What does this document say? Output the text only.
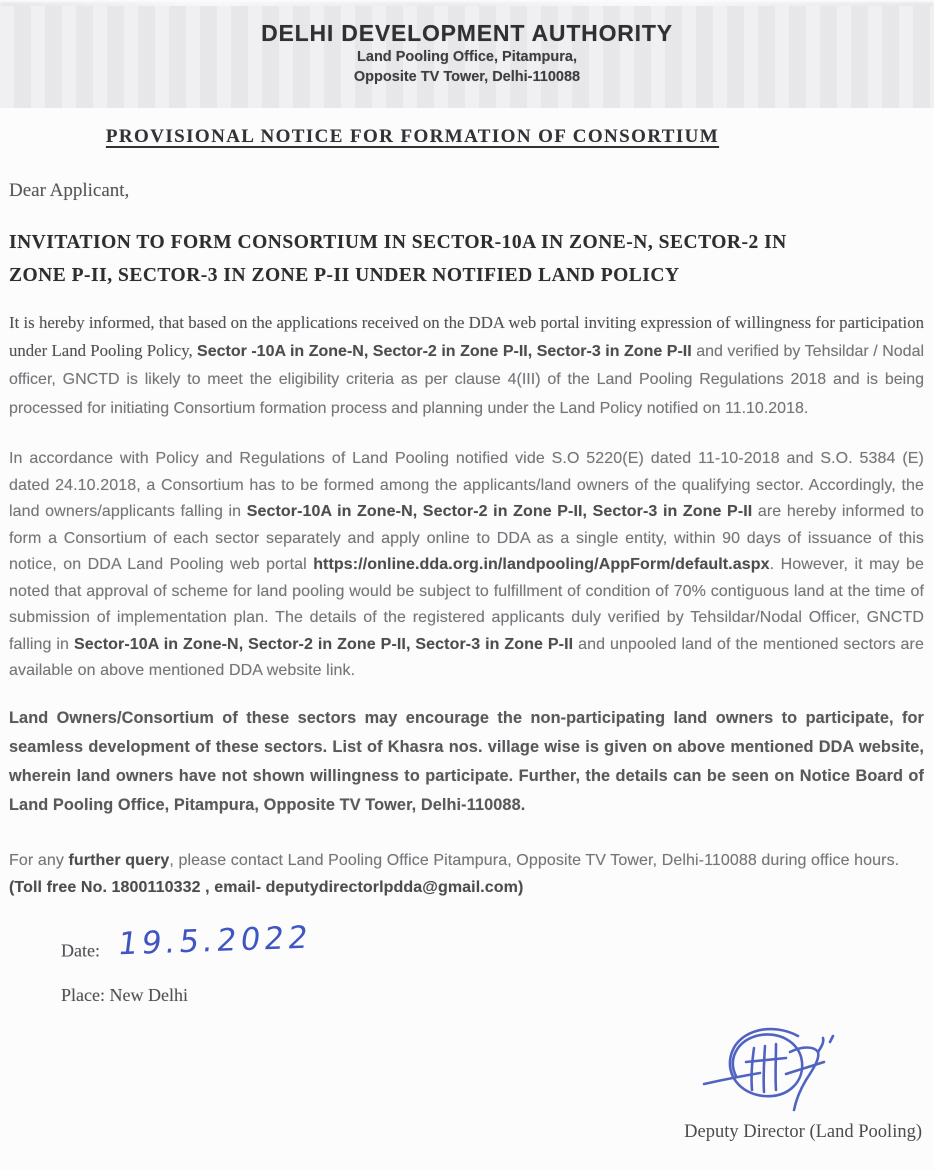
DELHI DEVELOPMENT AUTHORITY
Land Pooling Office, Pitampura,
Opposite TV Tower, Delhi-110088
PROVISIONAL NOTICE FOR FORMATION OF CONSORTIUM
Dear Applicant,
INVITATION TO FORM CONSORTIUM IN SECTOR-10A IN ZONE-N, SECTOR-2 IN
ZONE P-II, SECTOR-3 IN ZONE P-II UNDER NOTIFIED LAND POLICY

It is hereby informed, that based on the applications received on the DDA web portal inviting expression of willingness for participation under Land Pooling Policy, Sector -10A in Zone-N, Sector-2 in Zone P-II, Sector-3 in Zone P-II and verified by Tehsildar / Nodal officer, GNCTD is likely to meet the eligibility criteria as per clause 4(III) of the Land Pooling Regulations 2018 and is being processed for initiating Consortium formation process and planning under the Land Policy notified on 11.10.2018.

In accordance with Policy and Regulations of Land Pooling notified vide S.O 5220(E) dated 11-10-2018 and S.O. 5384 (E) dated 24.10.2018, a Consortium has to be formed among the applicants/land owners of the qualifying sector. Accordingly, the land owners/applicants falling in Sector-10A in Zone-N, Sector-2 in Zone P-II, Sector-3 in Zone P-II are hereby informed to form a Consortium of each sector separately and apply online to DDA as a single entity, within 90 days of issuance of this notice, on DDA Land Pooling web portal https://online.dda.org.in/landpooling/AppForm/default.aspx. However, it may be noted that approval of scheme for land pooling would be subject to fulfillment of condition of 70% contiguous land at the time of submission of implementation plan. The details of the registered applicants duly verified by Tehsildar/Nodal Officer, GNCTD falling in Sector-10A in Zone-N, Sector-2 in Zone P-II, Sector-3 in Zone P-II and unpooled land of the mentioned sectors are available on above mentioned DDA website link.

Land Owners/Consortium of these sectors may encourage the non-participating land owners to participate, for seamless development of these sectors. List of Khasra nos. village wise is given on above mentioned DDA website, wherein land owners have not shown willingness to participate. Further, the details can be seen on Notice Board of Land Pooling Office, Pitampura, Opposite TV Tower, Delhi-110088.

For any further query, please contact Land Pooling Office Pitampura, Opposite TV Tower, Delhi-110088 during office hours. (Toll free No. 1800110332 , email- deputydirectorlpdda@gmail.com)

Date: 19.5.2022
Place: New Delhi
Deputy Director (Land Pooling)
